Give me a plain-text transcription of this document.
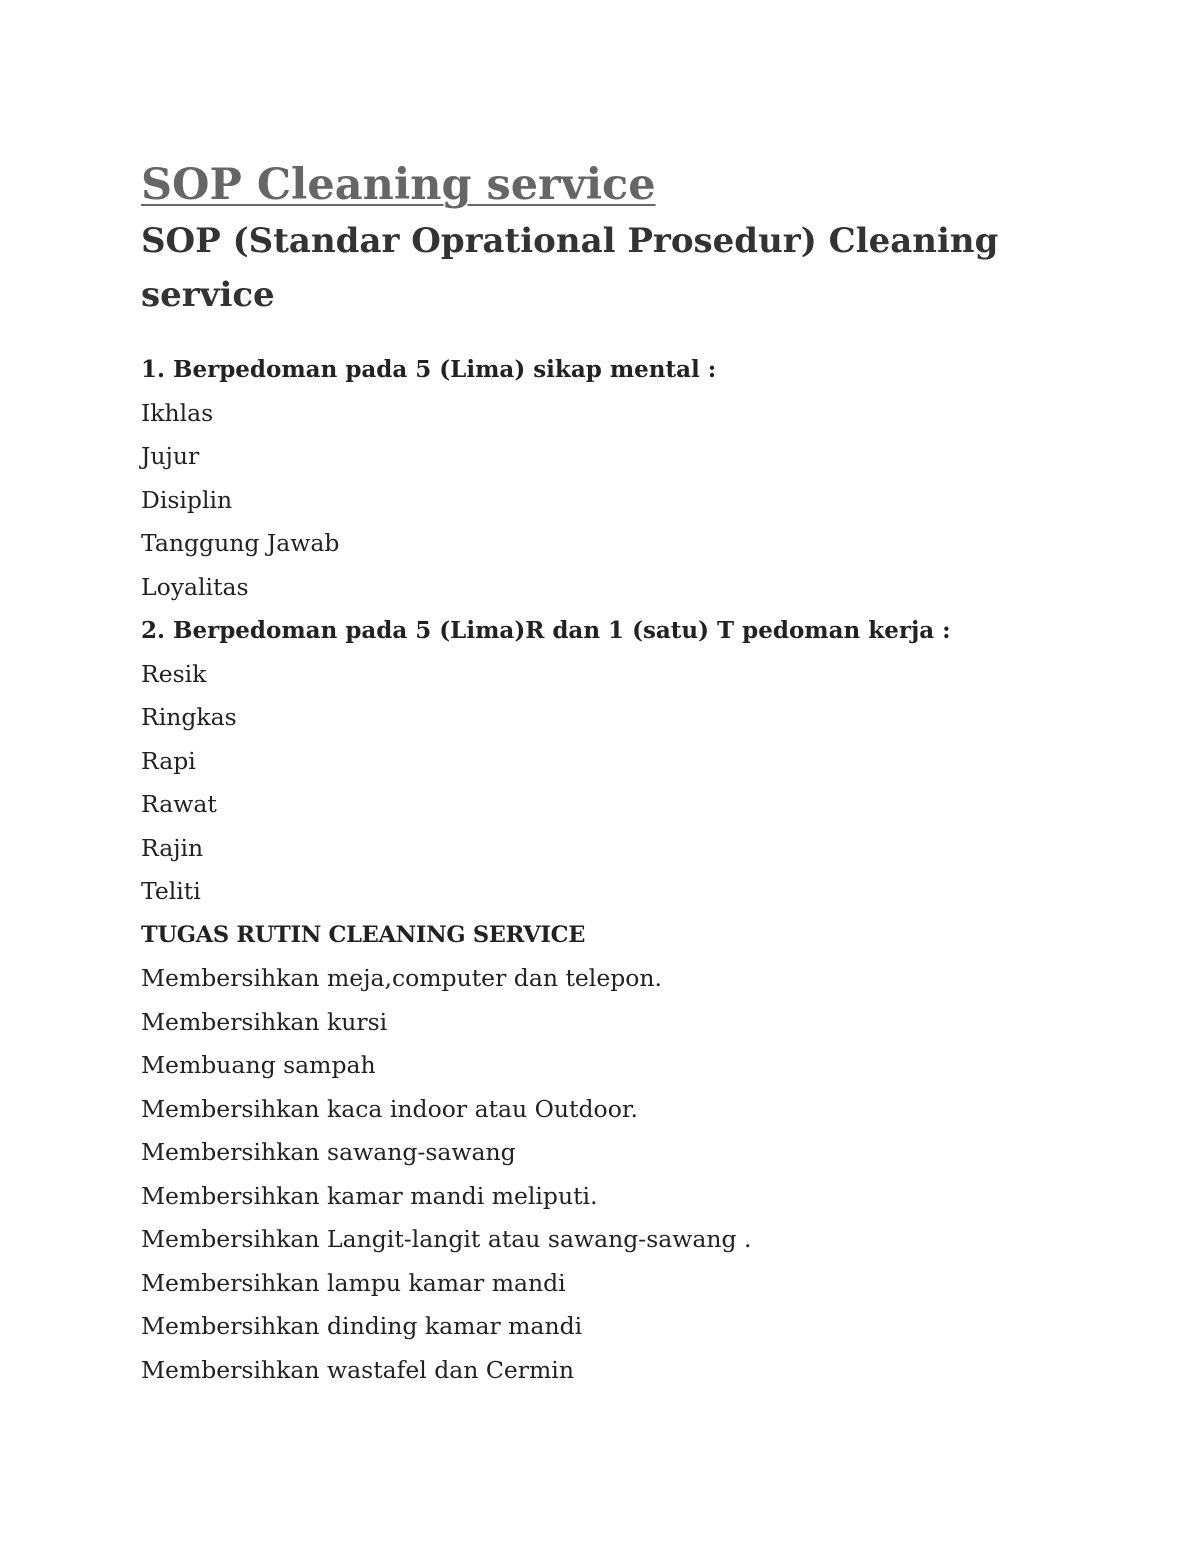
SOP Cleaning service
SOP (Standar Oprational Prosedur) Cleaning service
1. Berpedoman pada 5 (Lima) sikap mental :
Ikhlas
Jujur
Disiplin
Tanggung Jawab
Loyalitas
2. Berpedoman pada 5 (Lima)R dan 1 (satu) T pedoman kerja :
Resik
Ringkas
Rapi
Rawat
Rajin
Teliti
TUGAS RUTIN CLEANING SERVICE
Membersihkan meja,computer dan telepon.
Membersihkan kursi
Membuang sampah
Membersihkan kaca indoor atau Outdoor.
Membersihkan sawang-sawang
Membersihkan kamar mandi meliputi.
Membersihkan Langit-langit atau sawang-sawang .
Membersihkan lampu kamar mandi
Membersihkan dinding kamar mandi
Membersihkan wastafel dan Cermin
